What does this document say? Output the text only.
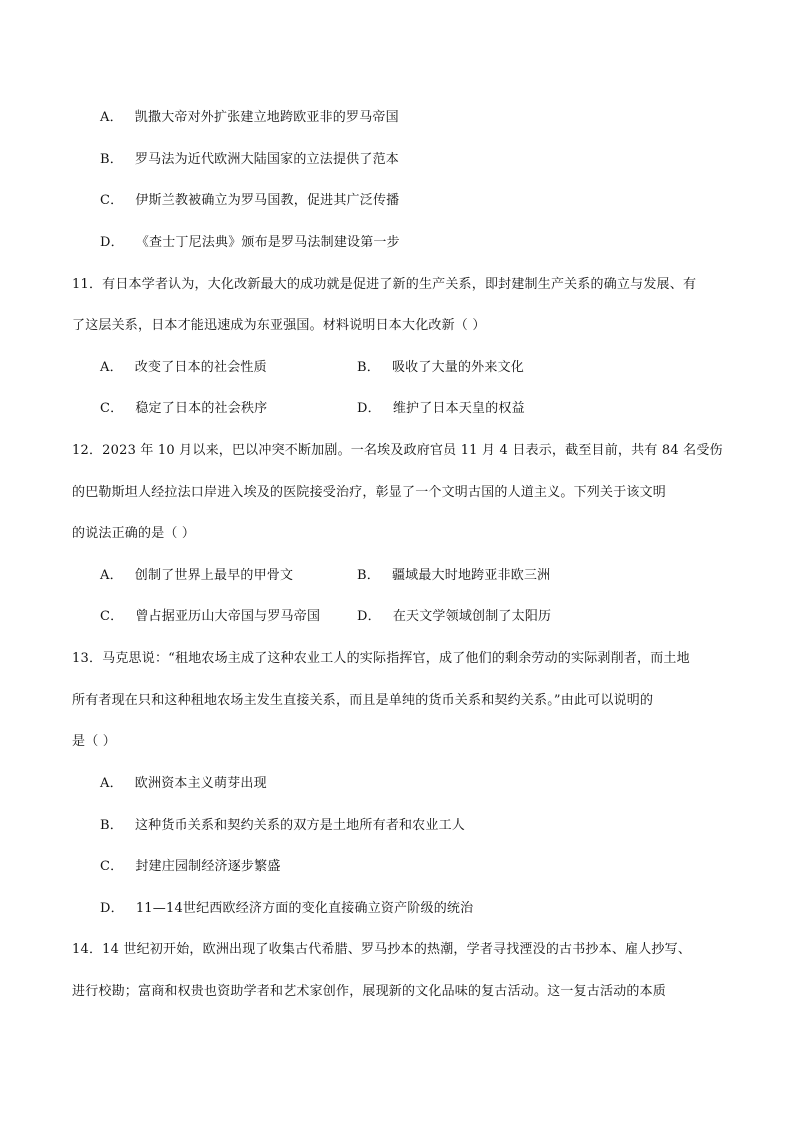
A． 凯撒大帝对外扩张建立地跨欧亚非的罗马帝国
B． 罗马法为近代欧洲大陆国家的立法提供了范本
C． 伊斯兰教被确立为罗马国教，促进其广泛传播
D． 《查士丁尼法典》颁布是罗马法制建设第一步
11．有日本学者认为，大化改新最大的成功就是促进了新的生产关系，即封建制生产关系的确立与发展、有
了这层关系，日本才能迅速成为东亚强国。材料说明日本大化改新（ ）
A． 改变了日本的社会性质	B． 吸收了大量的外来文化
C． 稳定了日本的社会秩序	D． 维护了日本天皇的权益
12．2023 年 10 月以来，巴以冲突不断加剧。一名埃及政府官员 11 月 4 日表示，截至目前，共有 84 名受伤
的巴勒斯坦人经拉法口岸进入埃及的医院接受治疗，彰显了一个文明古国的人道主义。下列关于该文明
的说法正确的是（ ）
A． 创制了世界上最早的甲骨文	B． 疆域最大时地跨亚非欧三洲
C． 曾占据亚历山大帝国与罗马帝国	D． 在天文学领域创制了太阳历
13．马克思说：“租地农场主成了这种农业工人的实际指挥官，成了他们的剩余劳动的实际剥削者，而土地
所有者现在只和这种租地农场主发生直接关系，而且是单纯的货币关系和契约关系。”由此可以说明的
是（ ）
A． 欧洲资本主义萌芽出现
B． 这种货币关系和契约关系的双方是土地所有者和农业工人
C． 封建庄园制经济逐步繁盛
D． 11—14世纪西欧经济方面的变化直接确立资产阶级的统治
14．14 世纪初开始，欧洲出现了收集古代希腊、罗马抄本的热潮，学者寻找湮没的古书抄本、雇人抄写、
进行校勘；富商和权贵也资助学者和艺术家创作，展现新的文化品味的复古活动。这一复古活动的本质
